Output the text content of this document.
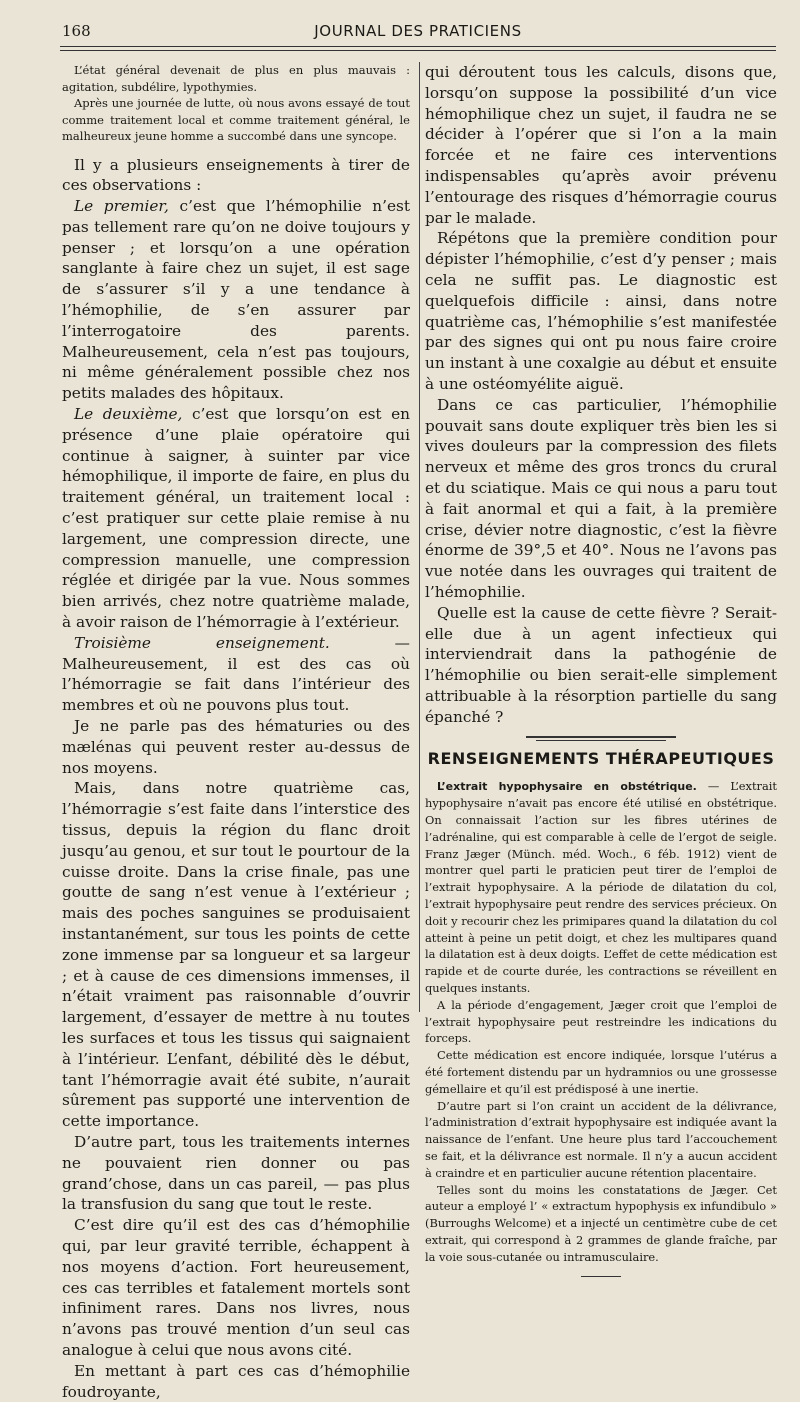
168	JOURNAL DES PRATICIENS

L’état général devenait de plus en plus mauvais : agitation, subdélire, lypothymies.

Après une journée de lutte, où nous avons essayé de tout comme traitement local et comme traitement général, le malheureux jeune homme a succombé dans une syncope.

Il y a plusieurs enseignements à tirer de ces observations :

Le premier, c’est que l’hémophilie n’est pas tellement rare qu’on ne doive toujours y penser ; et lorsqu’on a une opération sanglante à faire chez un sujet, il est sage de s’assurer s’il y a une tendance à l’hémophilie, de s’en assurer par l’interrogatoire des parents. Malheureusement, cela n’est pas toujours, ni même généralement possible chez nos petits malades des hôpitaux.

Le deuxième, c’est que lorsqu’on est en présence d’une plaie opératoire qui continue à saigner, à suinter par vice hémophilique, il importe de faire, en plus du traitement général, un traitement local : c’est pratiquer sur cette plaie remise à nu largement, une compression directe, une compression manuelle, une compression réglée et dirigée par la vue. Nous sommes bien arrivés, chez notre quatrième malade, à avoir raison de l’hémorragie à l’extérieur.

Troisième enseignement. — Malheureusement, il est des cas où l’hémorragie se fait dans l’intérieur des membres et où ne pouvons plus tout.

Je ne parle pas des hématuries ou des mælénas qui peuvent rester au-dessus de nos moyens.

Mais, dans notre quatrième cas, l’hémorragie s’est faite dans l’interstice des tissus, depuis la région du flanc droit jusqu’au genou, et sur tout le pourtour de la cuisse droite. Dans la crise finale, pas une goutte de sang n’est venue à l’extérieur ; mais des poches sanguines se produisaient instantanément, sur tous les points de cette zone immense par sa longueur et sa largeur ; et à cause de ces dimensions immenses, il n’était vraiment pas raisonnable d’ouvrir largement, d’essayer de mettre à nu toutes les surfaces et tous les tissus qui saignaient à l’intérieur. L’enfant, débilité dès le début, tant l’hémorragie avait été subite, n’aurait sûrement pas supporté une intervention de cette importance.

D’autre part, tous les traitements internes ne pouvaient rien donner ou pas grand’chose, dans un cas pareil, — pas plus la transfusion du sang que tout le reste.

C’est dire qu’il est des cas d’hémophilie qui, par leur gravité terrible, échappent à nos moyens d’action. Fort heureusement, ces cas terribles et fatalement mortels sont infiniment rares. Dans nos livres, nous n’avons pas trouvé mention d’un seul cas analogue à celui que nous avons cité.

En mettant à part ces cas d’hémophilie foudroyante,

qui déroutent tous les calculs, disons que, lorsqu’on suppose la possibilité d’un vice hémophilique chez un sujet, il faudra ne se décider à l’opérer que si l’on a la main forcée et ne faire ces interventions indispensables qu’après avoir prévenu l’entourage des risques d’hémorragie courus par le malade.

Répétons que la première condition pour dépister l’hémophilie, c’est d’y penser ; mais cela ne suffit pas. Le diagnostic est quelquefois difficile : ainsi, dans notre quatrième cas, l’hémophilie s’est manifestée par des signes qui ont pu nous faire croire un instant à une coxalgie au début et ensuite à une ostéomyélite aiguë.

Dans ce cas particulier, l’hémophilie pouvait sans doute expliquer très bien les si vives douleurs par la compression des filets nerveux et même des gros troncs du crural et du sciatique. Mais ce qui nous a paru tout à fait anormal et qui a fait, à la première crise, dévier notre diagnostic, c’est la fièvre énorme de 39°,5 et 40°. Nous ne l’avons pas vue notée dans les ouvrages qui traitent de l’hémophilie.

Quelle est la cause de cette fièvre ? Serait-elle due à un agent infectieux qui interviendrait dans la pathogénie de l’hémophilie ou bien serait-elle simplement attribuable à la résorption partielle du sang épanché ?

RENSEIGNEMENTS THÉRAPEUTIQUES

L’extrait hypophysaire en obstétrique. — L’extrait hypophysaire n’avait pas encore été utilisé en obstétrique. On connaissait l’action sur les fibres utérines de l’adrénaline, qui est comparable à celle de l’ergot de seigle. Franz Jæger (Münch. méd. Woch., 6 féb. 1912) vient de montrer quel parti le praticien peut tirer de l’emploi de l’extrait hypophysaire. A la période de dilatation du col, l’extrait hypophysaire peut rendre des services précieux. On doit y recourir chez les primipares quand la dilatation du col atteint à peine un petit doigt, et chez les multipares quand la dilatation est à deux doigts. L’effet de cette médication est rapide et de courte durée, les contractions se réveillent en quelques instants.

A la période d’engagement, Jæger croit que l’emploi de l’extrait hypophysaire peut restreindre les indications du forceps.

Cette médication est encore indiquée, lorsque l’utérus a été fortement distendu par un hydramnios ou une grossesse gémellaire et qu’il est prédisposé à une inertie.

D’autre part si l’on craint un accident de la délivrance, l’administration d’extrait hypophysaire est indiquée avant la naissance de l’enfant. Une heure plus tard l’accouchement se fait, et la délivrance est normale. Il n’y a aucun accident à craindre et en particulier aucune rétention placentaire.

Telles sont du moins les constatations de Jæger. Cet auteur a employé l’ « extractum hypophysis ex infundibulo » (Burroughs Welcome) et a injecté un centimètre cube de cet extrait, qui correspond à 2 grammes de glande fraîche, par la voie sous-cutanée ou intramusculaire.
